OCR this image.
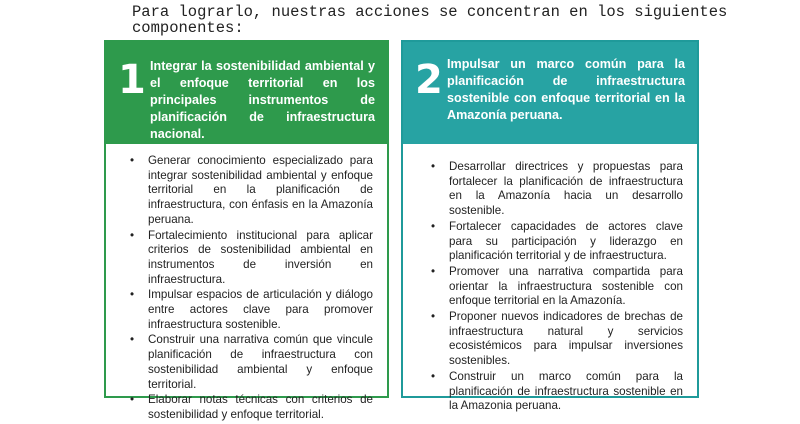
Para lograrlo, nuestras acciones se concentran en los siguientes componentes:

1 Integrar la sostenibilidad ambiental y el enfoque territorial en los principales instrumentos de planificación de infraestructura nacional.
• Generar conocimiento especializado para integrar sostenibilidad ambiental y enfoque territorial en la planificación de infraestructura, con énfasis en la Amazonía peruana.
• Fortalecimiento institucional para aplicar criterios de sostenibilidad ambiental en instrumentos de inversión en infraestructura.
• Impulsar espacios de articulación y diálogo entre actores clave para promover infraestructura sostenible.
• Construir una narrativa común que vincule planificación de infraestructura con sostenibilidad ambiental y enfoque territorial.
• Elaborar notas técnicas con criterios de sostenibilidad y enfoque territorial.
2 Impulsar un marco común para la planificación de infraestructura sostenible con enfoque territorial en la Amazonía peruana.
• Desarrollar directrices y propuestas para fortalecer la planificación de infraestructura en la Amazonía hacia un desarrollo sostenible.
• Fortalecer capacidades de actores clave para su participación y liderazgo en planificación territorial y de infraestructura.
• Promover una narrativa compartida para orientar la infraestructura sostenible con enfoque territorial en la Amazonía.
• Proponer nuevos indicadores de brechas de infraestructura natural y servicios ecosistémicos para impulsar inversiones sostenibles.
• Construir un marco común para la planificación de infraestructura sostenible en la Amazonia peruana.
